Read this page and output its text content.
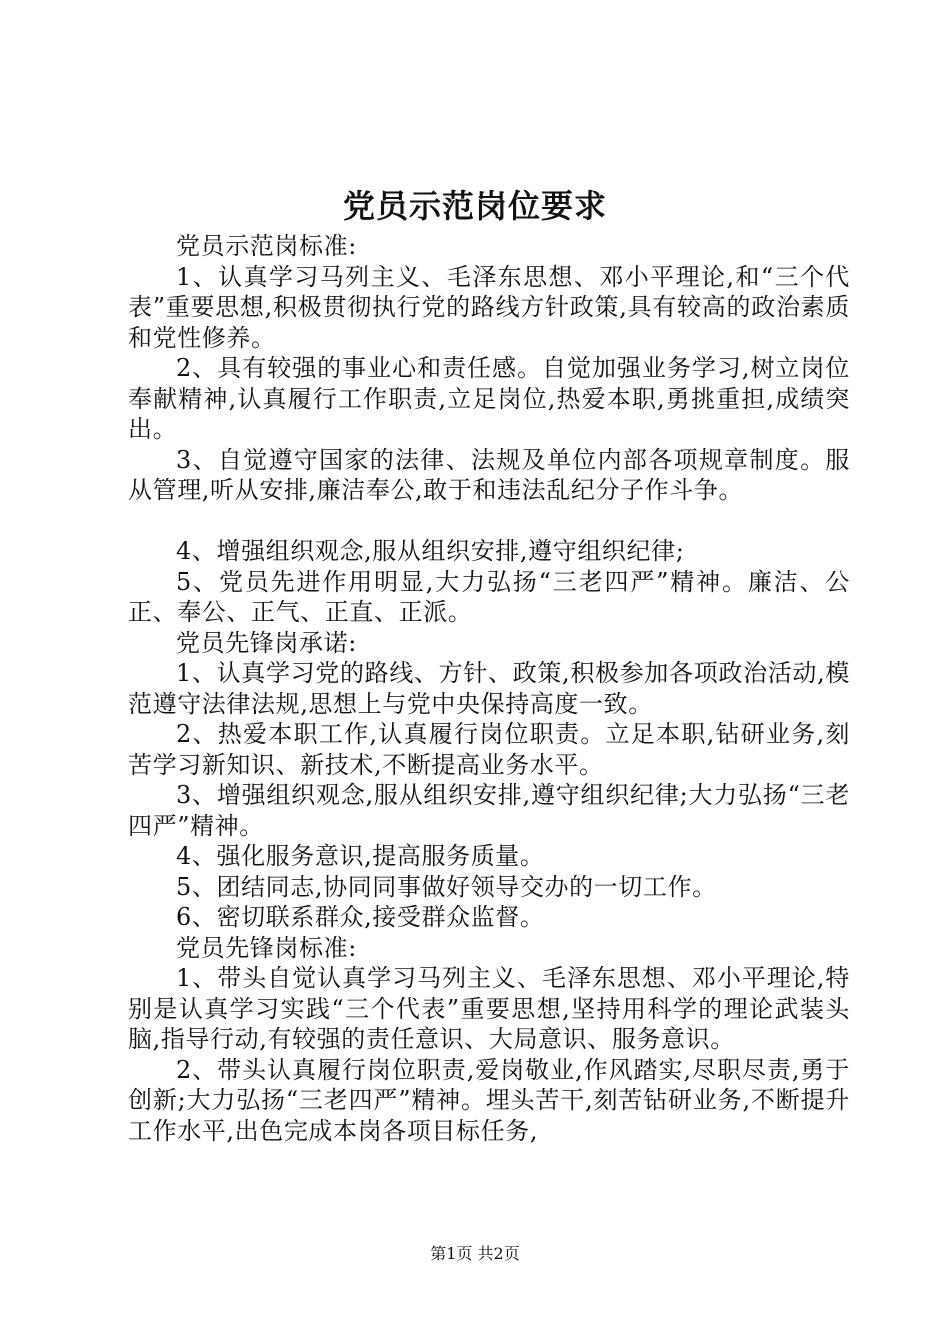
党员示范岗位要求

党员示范岗标准:

1、认真学习马列主义、毛泽东思想、邓小平理论,和“三个代表”重要思想,积极贯彻执行党的路线方针政策,具有较高的政治素质和党性修养。

2、具有较强的事业心和责任感。自觉加强业务学习,树立岗位奉献精神,认真履行工作职责,立足岗位,热爱本职,勇挑重担,成绩突出。

3、自觉遵守国家的法律、法规及单位内部各项规章制度。服从管理,听从安排,廉洁奉公,敢于和违法乱纪分子作斗争。

4、增强组织观念,服从组织安排,遵守组织纪律;

5、党员先进作用明显,大力弘扬“三老四严”精神。廉洁、公正、奉公、正气、正直、正派。

党员先锋岗承诺:

1、认真学习党的路线、方针、政策,积极参加各项政治活动,模范遵守法律法规,思想上与党中央保持高度一致。

2、热爱本职工作,认真履行岗位职责。立足本职,钻研业务,刻苦学习新知识、新技术,不断提高业务水平。

3、增强组织观念,服从组织安排,遵守组织纪律;大力弘扬“三老四严”精神。

4、强化服务意识,提高服务质量。

5、团结同志,协同同事做好领导交办的一切工作。

6、密切联系群众,接受群众监督。

党员先锋岗标准:

1、带头自觉认真学习马列主义、毛泽东思想、邓小平理论,特别是认真学习实践“三个代表”重要思想,坚持用科学的理论武装头脑,指导行动,有较强的责任意识、大局意识、服务意识。

2、带头认真履行岗位职责,爱岗敬业,作风踏实,尽职尽责,勇于创新;大力弘扬“三老四严”精神。埋头苦干,刻苦钻研业务,不断提升工作水平,出色完成本岗各项目标任务,

第1页 共2页
